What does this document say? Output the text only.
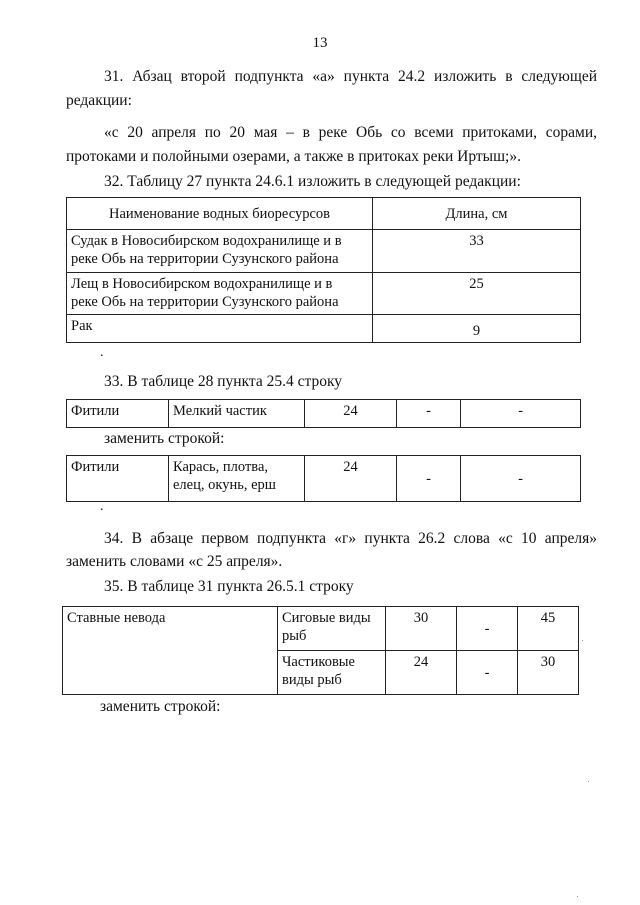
13
31. Абзац второй подпункта «а» пункта 24.2 изложить в следующей
редакции:
«с 20 апреля по 20 мая – в реке Обь со всеми притоками, сорами,
протоками и полойными озерами, а также в притоках реки Иртыш;».
32. Таблицу 27 пункта 24.6.1 изложить в следующей редакции:
Наименование водных биоресурсов	Длина, см
Судак в Новосибирском водохранилище и в
реке Обь на территории Сузунского района	33
Лещ в Новосибирском водохранилище и в
реке Обь на территории Сузунского района	25
Рак	9
.
33. В таблице 28 пункта 25.4 строку
Фитили	Мелкий частик	24	-	-
заменить строкой:
Фитили	Карась, плотва,
елец, окунь, ерш	24	-	-
.
34. В абзаце первом подпункта «г» пункта 26.2 слова «с 10 апреля»
заменить словами «с 25 апреля».
35. В таблице 31 пункта 26.5.1 строку
Ставные невода	Сиговые виды
рыб	30	-	45
	Частиковые
виды рыб	24	-	30
заменить строкой:
